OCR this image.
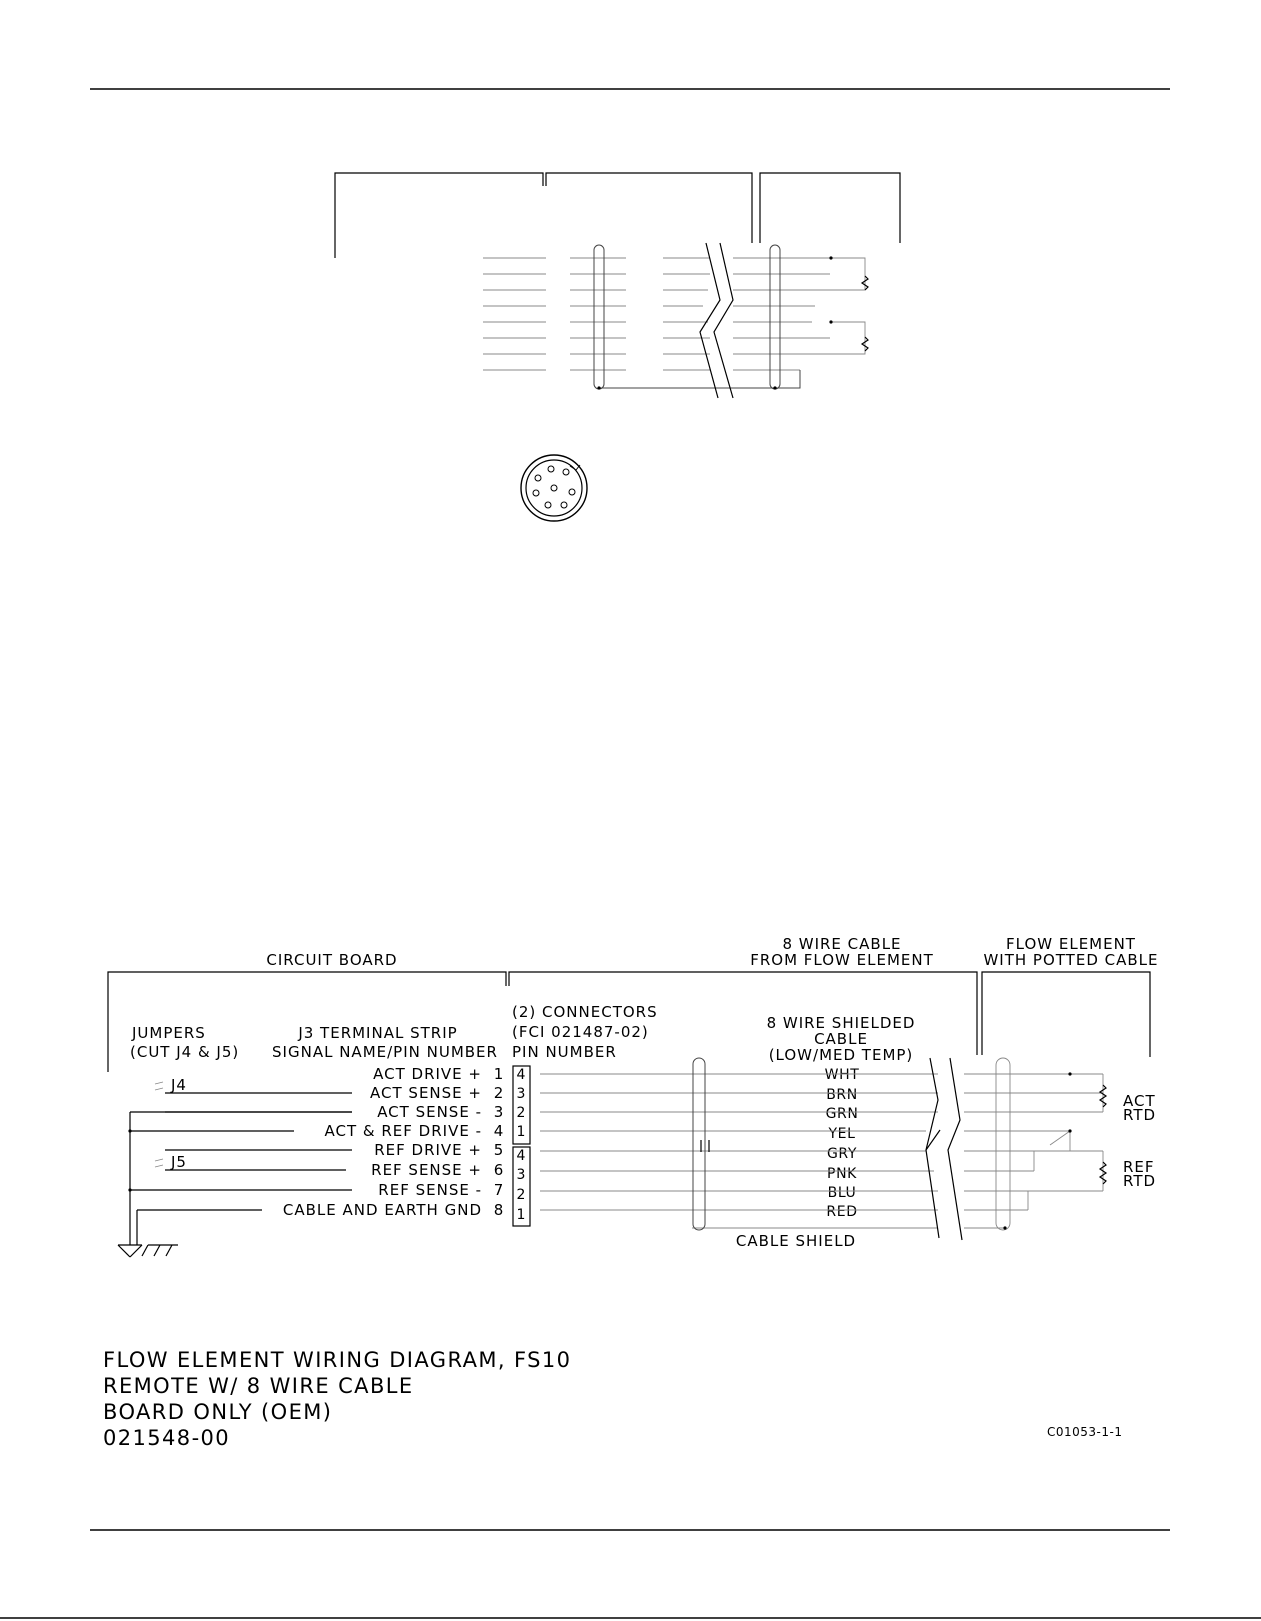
CIRCUIT BOARD
8 WIRE CABLE
FROM FLOW ELEMENT
FLOW ELEMENT
WITH POTTED CABLE
JUMPERS
(CUT J4 & J5)
J3 TERMINAL STRIP
SIGNAL NAME/PIN NUMBER
(2) CONNECTORS
(FCI 021487-02)
PIN NUMBER
8 WIRE SHIELDED
CABLE
(LOW/MED TEMP)
ACT DRIVE + 1
ACT SENSE + 2
ACT SENSE - 3
ACT & REF DRIVE - 4
REF DRIVE + 5
REF SENSE + 6
REF SENSE - 7
CABLE AND EARTH GND 8
4
3
2
1
4
3
2
1
WHT
BRN
GRN
YEL
GRY
PNK
BLU
RED
J4
J5
CABLE SHIELD
ACT
RTD
REF
RTD
FLOW ELEMENT WIRING DIAGRAM, FS10
REMOTE W/ 8 WIRE CABLE
BOARD ONLY (OEM)
021548-00	C01053-1-1
